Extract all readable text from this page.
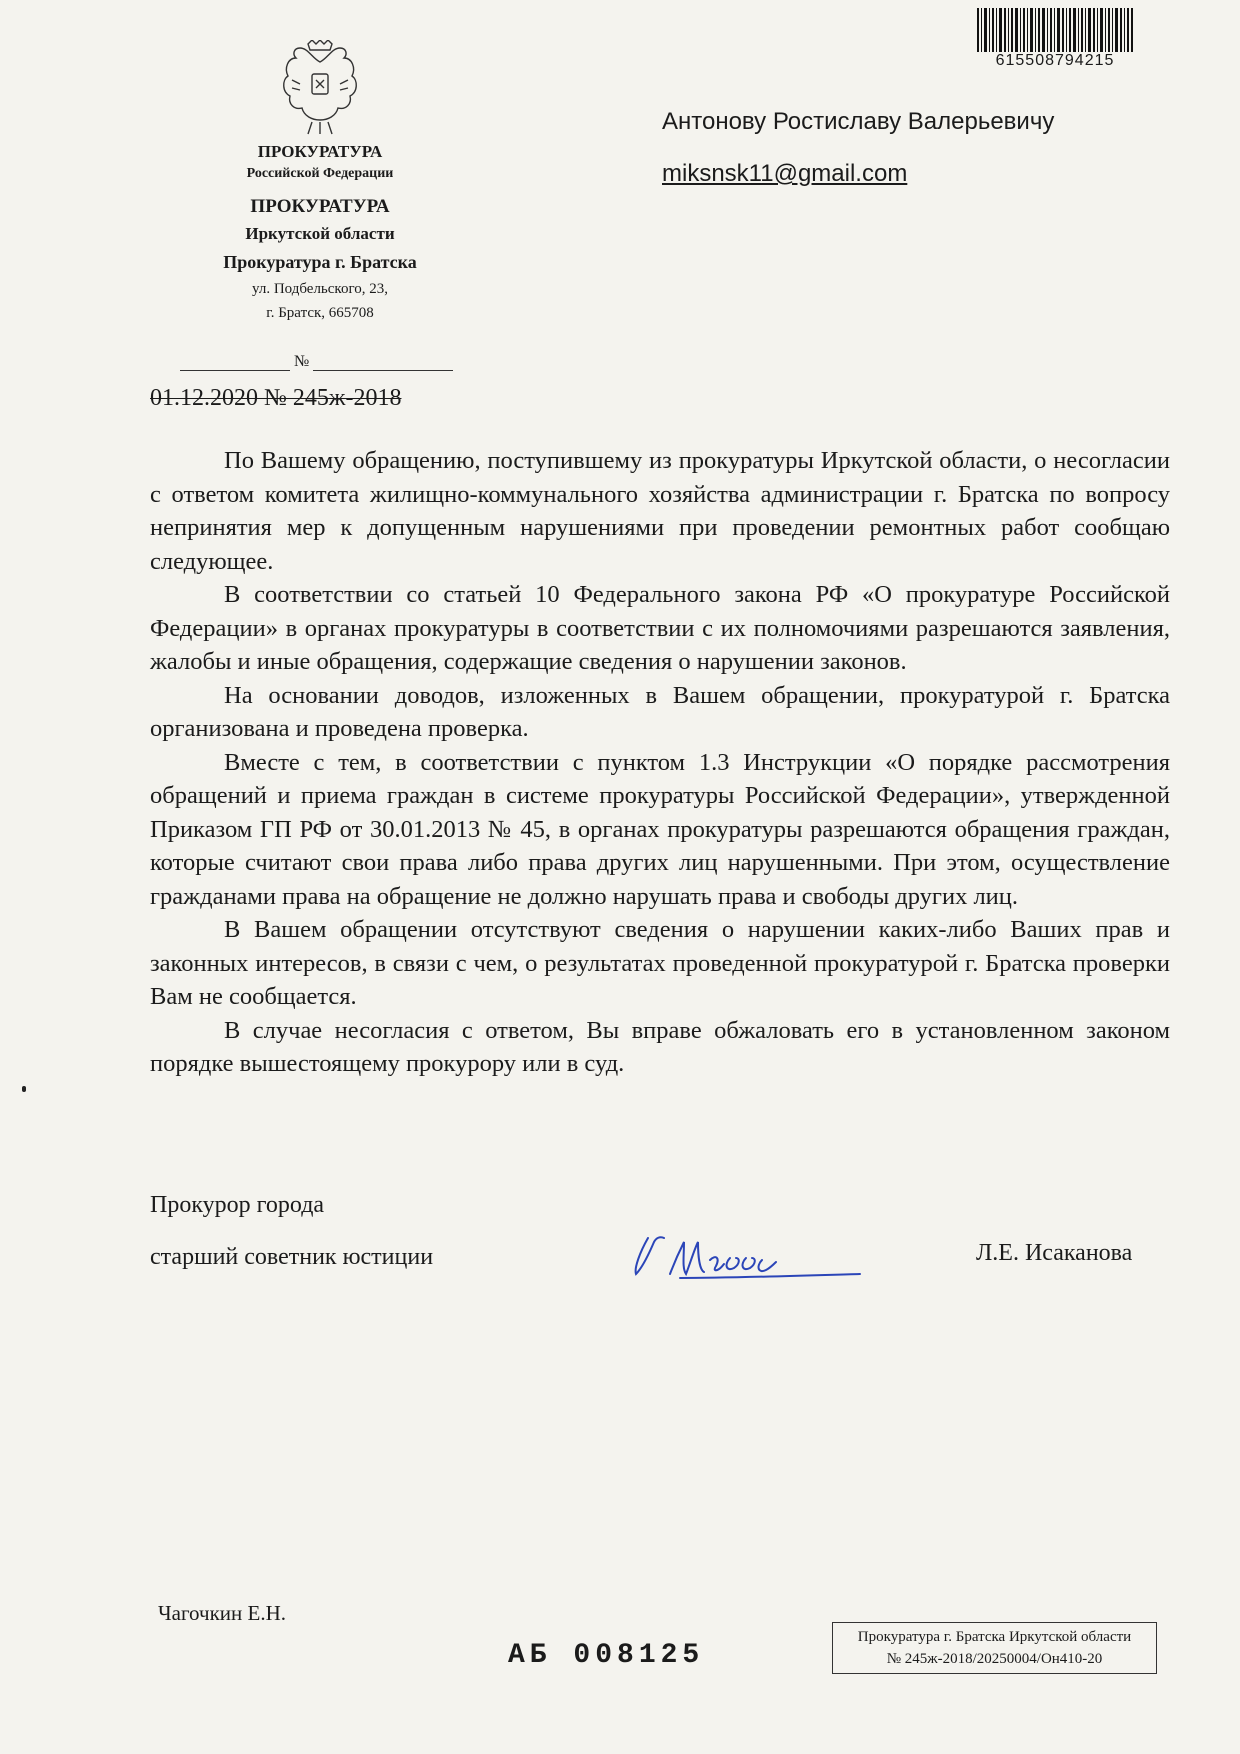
615508794215
ПРОКУРАТУРА
Российской Федерации
ПРОКУРАТУРА
Иркутской области
Прокуратура г. Братска
ул. Подбельского, 23,
г. Братск, 665708
№
01.12.2020 № 245ж-2018
Антонову Ростиславу Валерьевичу
miksnsk11@gmail.com

По Вашему обращению, поступившему из прокуратуры Иркутской области, о несогласии с ответом комитета жилищно-коммунального хозяйства администрации г. Братска по вопросу непринятия мер к допущенным нарушениями при проведении ремонтных работ сообщаю следующее.

В соответствии со статьей 10 Федерального закона РФ «О прокуратуре Российской Федерации» в органах прокуратуры в соответствии с их полномочиями разрешаются заявления, жалобы и иные обращения, содержащие сведения о нарушении законов.

На основании доводов, изложенных в Вашем обращении, прокуратурой г. Братска организована и проведена проверка.

Вместе с тем, в соответствии с пунктом 1.3 Инструкции «О порядке рассмотрения обращений и приема граждан в системе прокуратуры Российской Федерации», утвержденной Приказом ГП РФ от 30.01.2013 № 45, в органах прокуратуры разрешаются обращения граждан, которые считают свои права либо права других лиц нарушенными. При этом, осуществление гражданами права на обращение не должно нарушать права и свободы других лиц.

В Вашем обращении отсутствуют сведения о нарушении каких-либо Ваших прав и законных интересов, в связи с чем, о результатах проведенной прокуратурой г. Братска проверки Вам не сообщается.

В случае несогласия с ответом, Вы вправе обжаловать его в установленном законом порядке вышестоящему прокурору или в суд.

Прокурор города
старший советник юстиции	Л.Е. Исаканова
Чагочкин Е.Н.
АБ 008125
Прокуратура г. Братска Иркутской области
№ 245ж-2018/20250004/Он410-20
